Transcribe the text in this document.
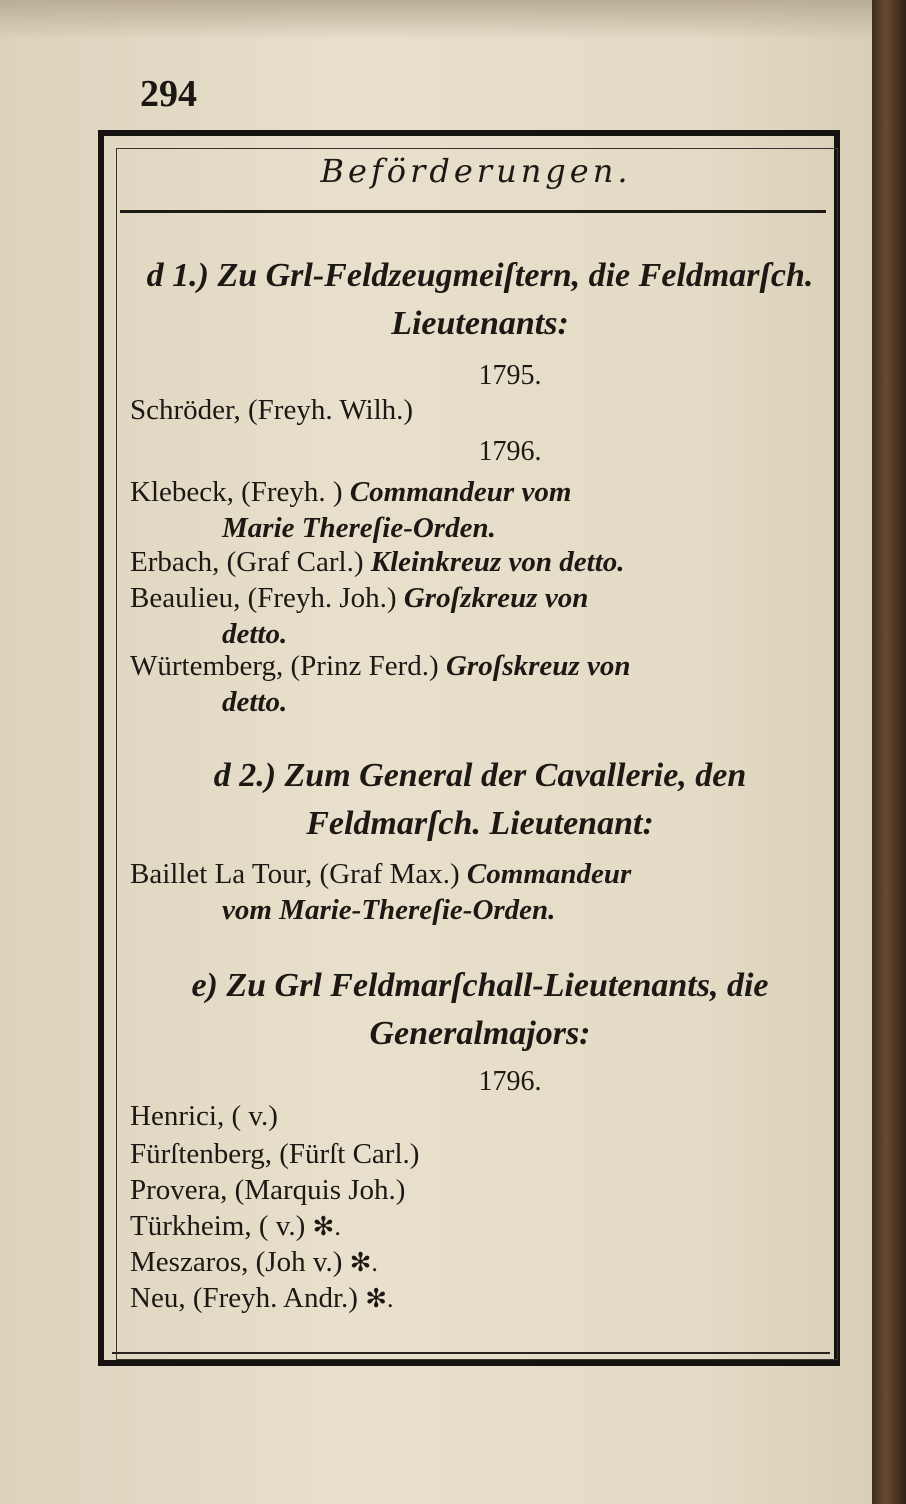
294
Beförderungen.
d 1.) Zu Grl-Feldzeugmeiſtern, die Feldmarſch. Lieutenants:
1795.
Schröder, (Freyh. Wilh.)
1796.
Klebeck, (Freyh. ) Commandeur vom
Marie Thereſie-Orden.
Erbach, (Graf Carl.) Kleinkreuz von detto.
Beaulieu, (Freyh. Joh.) Groſzkreuz von
detto.
Würtemberg, (Prinz Ferd.) Groſskreuz von
detto.
d 2.) Zum General der Cavallerie, den Feldmarſch. Lieutenant:
Baillet La Tour, (Graf Max.) Commandeur
vom Marie-Thereſie-Orden.
e) Zu Grl Feldmarſchall-Lieutenants, die Generalmajors:
1796.
Henrici, ( v.)
Fürſtenberg, (Fürſt Carl.)
Provera, (Marquis Joh.)
Türkheim, ( v.) ✻.
Meszaros, (Joh v.) ✻.
Neu, (Freyh. Andr.) ✻.
